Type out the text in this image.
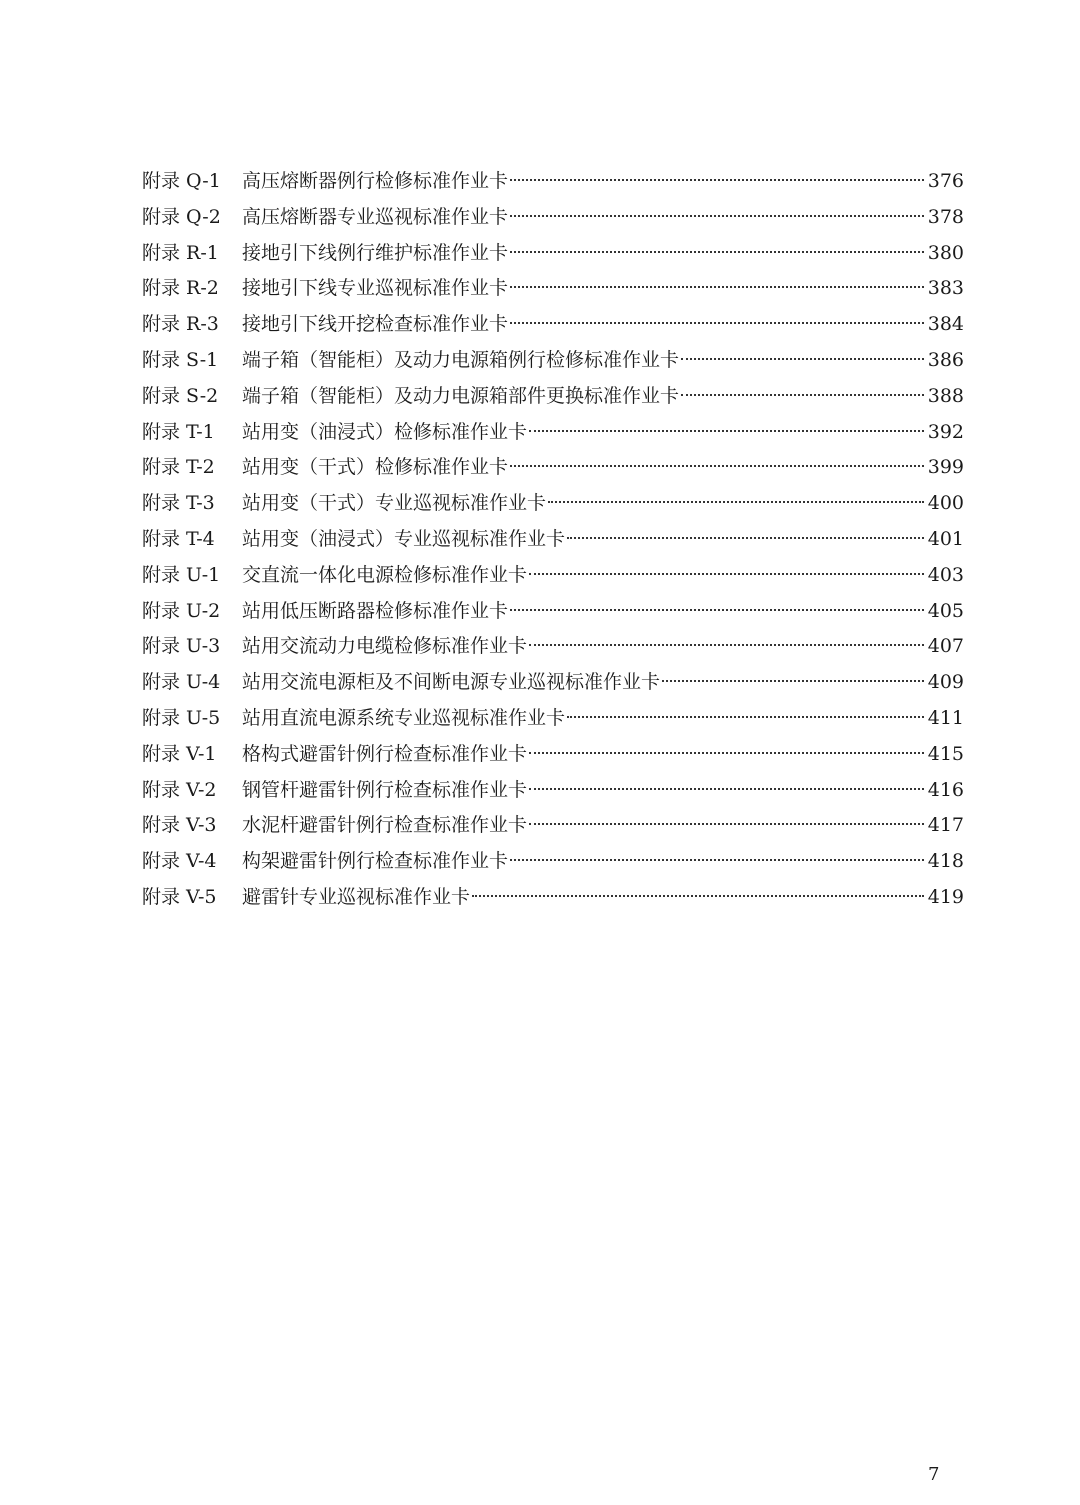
附录 Q-1	高压熔断器例行检修标准作业卡	376
附录 Q-2	高压熔断器专业巡视标准作业卡	378
附录 R-1	接地引下线例行维护标准作业卡	380
附录 R-2	接地引下线专业巡视标准作业卡	383
附录 R-3	接地引下线开挖检查标准作业卡	384
附录 S-1	端子箱（智能柜）及动力电源箱例行检修标准作业卡	386
附录 S-2	端子箱（智能柜）及动力电源箱部件更换标准作业卡	388
附录 T-1	站用变（油浸式）检修标准作业卡	392
附录 T-2	站用变（干式）检修标准作业卡	399
附录 T-3	站用变（干式）专业巡视标准作业卡	400
附录 T-4	站用变（油浸式）专业巡视标准作业卡	401
附录 U-1	交直流一体化电源检修标准作业卡	403
附录 U-2	站用低压断路器检修标准作业卡	405
附录 U-3	站用交流动力电缆检修标准作业卡	407
附录 U-4	站用交流电源柜及不间断电源专业巡视标准作业卡	409
附录 U-5	站用直流电源系统专业巡视标准作业卡	411
附录 V-1	格构式避雷针例行检查标准作业卡	415
附录 V-2	钢管杆避雷针例行检查标准作业卡	416
附录 V-3	水泥杆避雷针例行检查标准作业卡	417
附录 V-4	构架避雷针例行检查标准作业卡	418
附录 V-5	避雷针专业巡视标准作业卡	419
7
